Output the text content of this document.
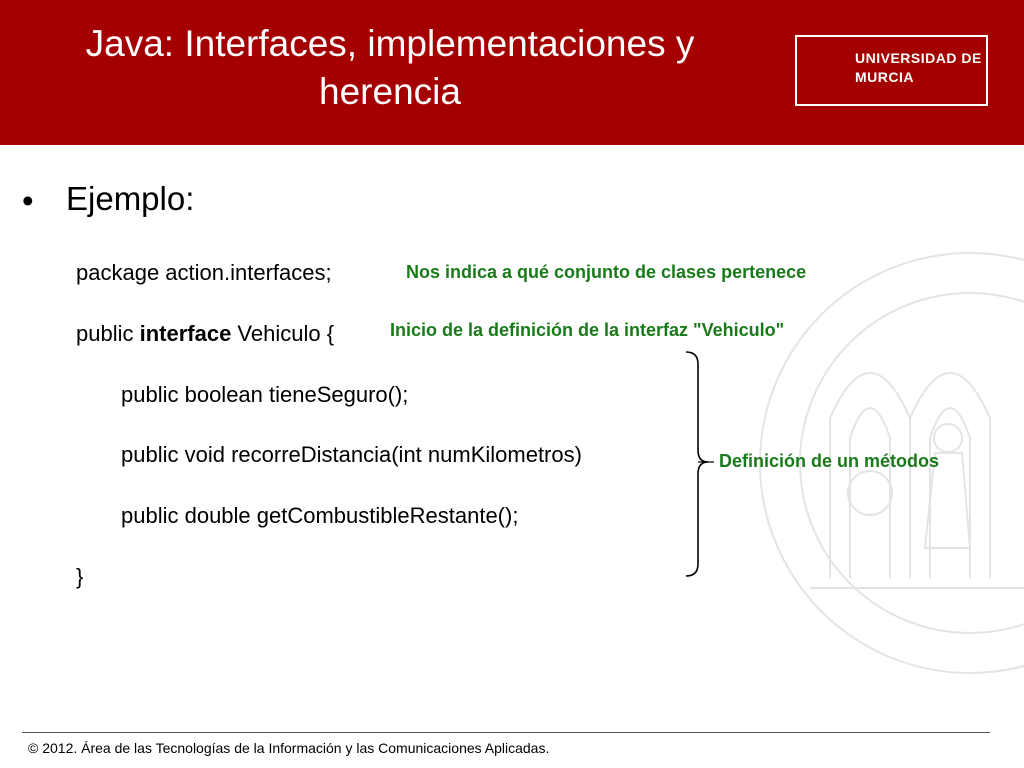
Java: Interfaces, implementaciones y
herencia
UNIVERSIDAD DE
MURCIA
• Ejemplo:
package action.interfaces;	Nos indica a qué conjunto de clases pertenece
public interface Vehiculo {	Inicio de la definición de la interfaz "Vehiculo"
public boolean tieneSeguro();
public void recorreDistancia(int numKilometros)
public double getCombustibleRestante();
}
Definición de un métodos
© 2012. Área de las Tecnologías de la Información y las Comunicaciones Aplicadas.
